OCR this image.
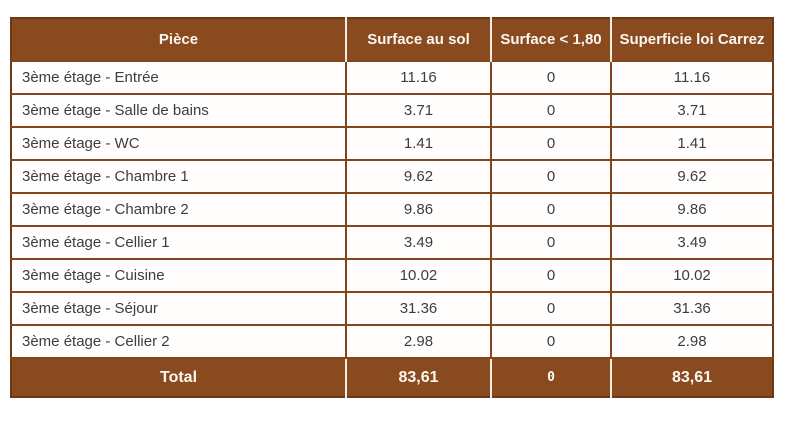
Pièce	Surface au sol	Surface < 1,80	Superficie loi Carrez
3ème étage - Entrée	11.16	0	11.16
3ème étage - Salle de bains	3.71	0	3.71
3ème étage - WC	1.41	0	1.41
3ème étage - Chambre 1	9.62	0	9.62
3ème étage - Chambre 2	9.86	0	9.86
3ème étage - Cellier 1	3.49	0	3.49
3ème étage - Cuisine	10.02	0	10.02
3ème étage - Séjour	31.36	0	31.36
3ème étage - Cellier 2	2.98	0	2.98
Total	83,61	0	83,61
